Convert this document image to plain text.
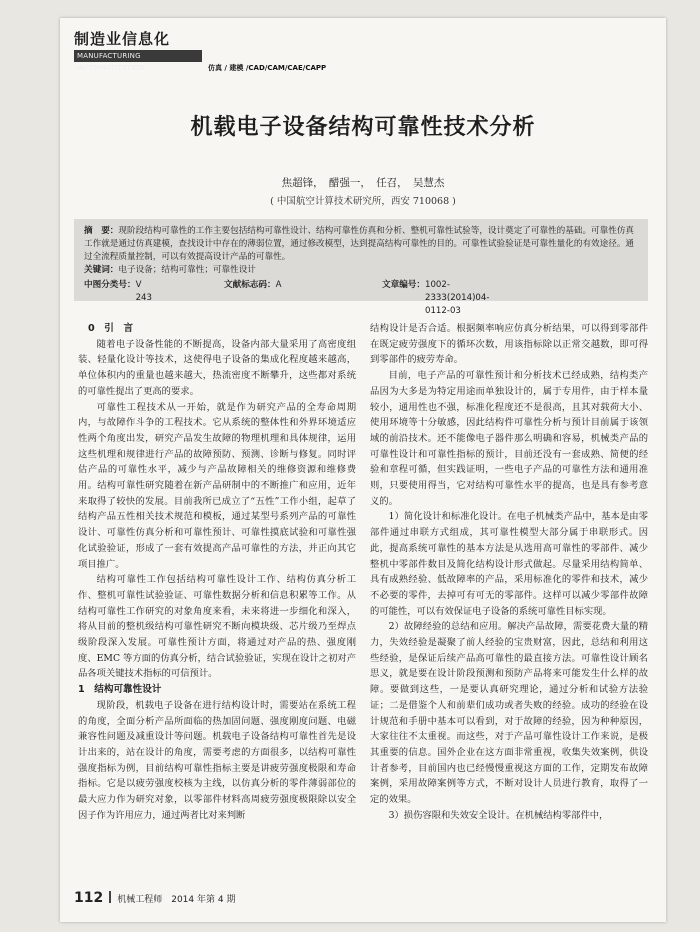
制造业信息化
MANUFACTURING INFORMATIZATION	仿真 / 建模 /CAD/CAM/CAE/CAPP
机载电子设备结构可靠性技术分析
焦超锋，　醋强一，　任召，　吴慧杰
( 中国航空计算技术研究所，西安 710068 )

摘　要：现阶段结构可靠性的工作主要包括结构可靠性设计、结构可靠性仿真和分析、整机可靠性试验等，设计奠定了可靠性的基础。可靠性仿真工作就是通过仿真建模，查找设计中存在的薄弱位置，通过修改模型，达到提高结构可靠性的目的。可靠性试验验证是可靠性量化的有效途径。通过全流程质量控制，可以有效提高设计产品的可靠性。

关键词：电子设备；结构可靠性；可靠性设计

中图分类号： V 243
文献标志码： A	文章编号： 1002-2333(2014)04-0112-03

0　引　言

随着电子设备性能的不断提高，设备内部大量采用了高密度组装、轻量化设计等技术，这使得电子设备的集成化程度越来越高，单位体积内的重量也越来越大，热流密度不断攀升，这些都对系统的可靠性提出了更高的要求。

可靠性工程技术从一开始，就是作为研究产品的全寿命周期内，与故障作斗争的工程技术。它从系统的整体性和外界环境适应性两个角度出发，研究产品发生故障的物理机理和具体规律，运用这些机理和规律进行产品的故障预防、预测、诊断与修复。同时评估产品的可靠性水平，减少与产品故障相关的维修资源和维修费用。结构可靠性研究随着在新产品研制中的不断推广和应用，近年来取得了较快的发展。目前我所已成立了“五性”工作小组，起草了结构产品五性相关技术规范和模板，通过某型号系列产品的可靠性设计、可靠性仿真分析和可靠性预计、可靠性摸底试验和可靠性强化试验验证，形成了一套有效提高产品可靠性的方法，并正向其它项目推广。

结构可靠性工作包括结构可靠性设计工作、结构仿真分析工作、整机可靠性试验验证、可靠性数据分析和信息积累等工作。从结构可靠性工作研究的对象角度来看，未来将进一步细化和深入，将从目前的整机级结构可靠性研究不断向模块级、芯片级乃至焊点级阶段深入发展。可靠性预计方面，将通过对产品的热、强度刚度、EMC 等方面的仿真分析，结合试验验证，实现在设计之初对产品各项关键技术指标的可信预计。

1　结构可靠性设计

现阶段，机载电子设备在进行结构设计时，需要站在系统工程的角度，全面分析产品所面临的热加固问题、强度刚度问题、电磁兼容性问题及减重设计等问题。机载电子设备结构可靠性首先是设计出来的，站在设计的角度，需要考虑的方面很多，以结构可靠性强度指标为例，目前结构可靠性指标主要是讲疲劳强度极限和寿命指标。它是以疲劳强度校核为主线，以仿真分析的零件薄弱部位的最大应力作为研究对象，以零部件材料高周疲劳强度极限除以安全因子作为许用应力，通过两者比对来判断

结构设计是否合适。根据频率响应仿真分析结果，可以得到零部件在既定疲劳强度下的循环次数，用该指标除以正常交越数，即可得到零部件的疲劳寿命。

目前，电子产品的可靠性预计和分析技术已经成熟，结构类产品因为大多是为特定用途而单独设计的，属于专用件，由于样本量较小，通用性也不强，标准化程度还不是很高，且其对载荷大小、使用环境等十分敏感，因此结构件可靠性分析与预计目前属于该领域的前沿技术。还不能像电子器件那么明确和容易，机械类产品的可靠性设计和可靠性指标的预计，目前还没有一套成熟、简便的经验和章程可循，但实践证明，一些电子产品的可靠性方法和通用准则，只要使用得当，它对结构可靠性水平的提高，也是具有参考意义的。

1）简化设计和标准化设计。在电子机械类产品中，基本是由零部件通过串联方式组成，其可靠性模型大部分属于串联形式。因此，提高系统可靠性的基本方法是从选用高可靠性的零部件、减少整机中零部件数目及简化结构设计形式做起。尽量采用结构简单、具有成熟经验、低故障率的产品，采用标准化的零件和技术，减少不必要的零件，去掉可有可无的零部件。这样可以减少零部件故障的可能性，可以有效保证电子设备的系统可靠性目标实现。

2）故障经验的总结和应用。解决产品故障，需要花费大量的精力，失效经验是凝聚了前人经验的宝贵财富，因此，总结和利用这些经验，是保证后续产品高可靠性的最直接方法。可靠性设计顾名思义，就是要在设计阶段预测和预防产品将来可能发生什么样的故障。要做到这些，一是要认真研究理论，通过分析和试验方法验证；二是借鉴个人和前辈们成功或者失败的经验。成功的经验在设计规范和手册中基本可以看到，对于故障的经验，因为种种原因，大家往往不太重视。而这些，对于产品可靠性设计工作来说，是极其重要的信息。国外企业在这方面非常重视，收集失效案例，供设计者参考，目前国内也已经慢慢重视这方面的工作，定期发布故障案例，采用故障案例等方式，不断对设计人员进行教育，取得了一定的效果。

3）损伤容限和失效安全设计。在机械结构零部件中，

112 机械工程师　2014 年第 4 期
